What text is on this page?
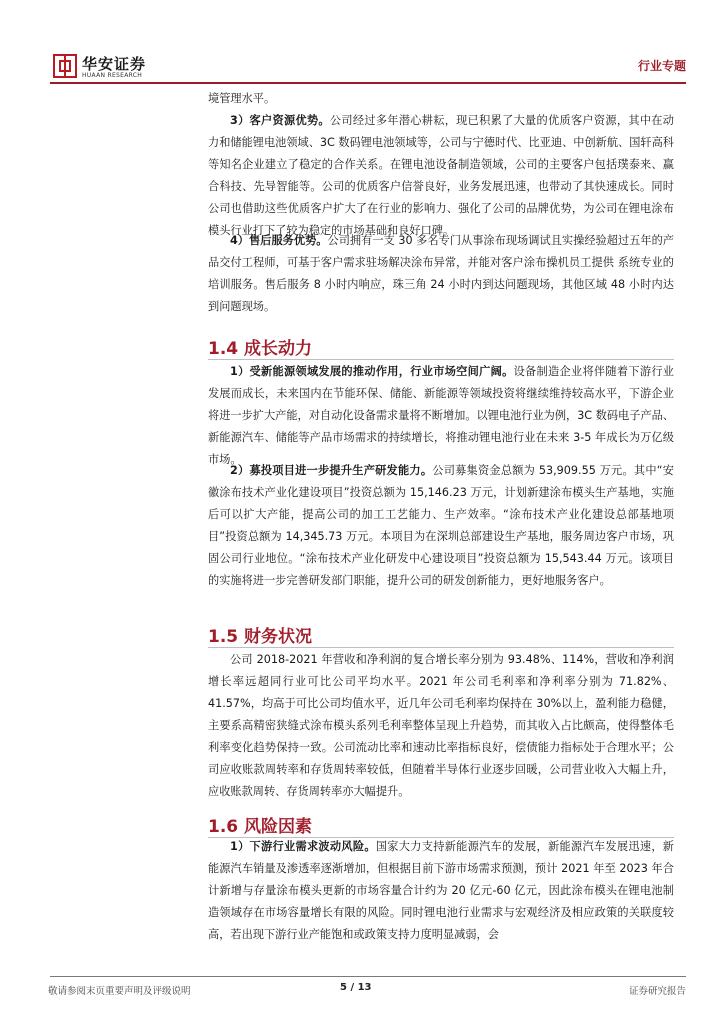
华安证券
HUAAN RESEARCH
行业专题
境管理水平。
3）客户资源优势。公司经过多年潜心耕耘，现已积累了大量的优质客户资源，其中在动力和储能锂电池领域、3C 数码锂电池领域等，公司与宁德时代、比亚迪、中创新航、国轩高科等知名企业建立了稳定的合作关系。在锂电池设备制造领域，公司的主要客户包括璞泰来、赢合科技、先导智能等。公司的优质客户信誉良好，业务发展迅速，也带动了其快速成长。同时公司也借助这些优质客户扩大了在行业的影响力、强化了公司的品牌优势，为公司在锂电涂布模头行业打下了较为稳定的市场基础和良好口碑。
4）售后服务优势。公司拥有一支 30 多名专门从事涂布现场调试且实操经验超过五年的产品交付工程师，可基于客户需求驻场解决涂布异常，并能对客户涂布操机员工提供 系统专业的培训服务。售后服务 8 小时内响应，珠三角 24 小时内到达问题现场，其他区域 48 小时内达到问题现场。
1.4 成长动力
1）受新能源领域发展的推动作用，行业市场空间广阔。设备制造企业将伴随着下游行业发展而成长，未来国内在节能环保、储能、新能源等领域投资将继续维持较高水平，下游企业将进一步扩大产能，对自动化设备需求量将不断增加。以锂电池行业为例，3C 数码电子产品、新能源汽车、储能等产品市场需求的持续增长，将推动锂电池行业在未来 3-5 年成长为万亿级市场。
2）募投项目进一步提升生产研发能力。公司募集资金总额为 53,909.55 万元。其中“安徽涂布技术产业化建设项目”投资总额为 15,146.23 万元，计划新建涂布模头生产基地，实施后可以扩大产能，提高公司的加工工艺能力、生产效率。“涂布技术产业化建设总部基地项目”投资总额为 14,345.73 万元。本项目为在深圳总部建设生产基地，服务周边客户市场，巩固公司行业地位。“涂布技术产业化研发中心建设项目”投资总额为 15,543.44 万元。该项目的实施将进一步完善研发部门职能，提升公司的研发创新能力，更好地服务客户。
1.5 财务状况
公司 2018-2021 年营收和净利润的复合增长率分别为 93.48%、114%，营收和净利润增长率远超同行业可比公司平均水平。2021 年公司毛利率和净利率分别为 71.82%、41.57%，均高于可比公司均值水平，近几年公司毛利率均保持在 30%以上，盈利能力稳健，主要系高精密狭缝式涂布模头系列毛利率整体呈现上升趋势，而其收入占比颇高，使得整体毛利率变化趋势保持一致。公司流动比率和速动比率指标良好，偿债能力指标处于合理水平；公司应收账款周转率和存货周转率较低，但随着半导体行业逐步回暖，公司营业收入大幅上升，应收账款周转、存货周转率亦大幅提升。
1.6 风险因素
1）下游行业需求波动风险。国家大力支持新能源汽车的发展，新能源汽车发展迅速，新能源汽车销量及渗透率逐渐增加，但根据目前下游市场需求预测，预计 2021 年至 2023 年合计新增与存量涂布模头更新的市场容量合计约为 20 亿元-60 亿元，因此涂布模头在锂电池制造领域存在市场容量增长有限的风险。同时锂电池行业需求与宏观经济及相应政策的关联度较高，若出现下游行业产能饱和或政策支持力度明显减弱，会
敬请参阅末页重要声明及评级说明	5 / 13	证券研究报告
